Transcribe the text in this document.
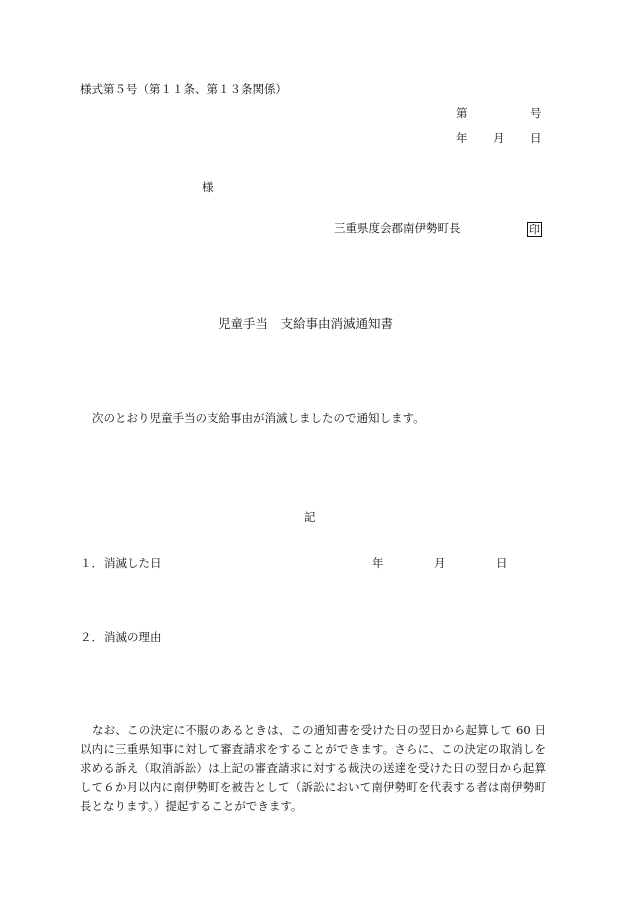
様式第５号（第１１条、第１３条関係）
第	号
年 月 日
様
三重県度会郡南伊勢町長	印
児童手当　支給事由消滅通知書
次のとおり児童手当の支給事由が消滅しましたので通知します。
記
１． 消滅した日	年	月	日
２． 消滅の理由
なお、この決定に不服のあるときは、この通知書を受けた日の翌日から起算して 60 日以内に三重県知事に対して審査請求をすることができます。さらに、この決定の取消しを求める訴え（取消訴訟）は上記の審査請求に対する裁決の送達を受けた日の翌日から起算して６か月以内に南伊勢町を被告として（訴訟において南伊勢町を代表する者は南伊勢町長となります。）提起することができます。
